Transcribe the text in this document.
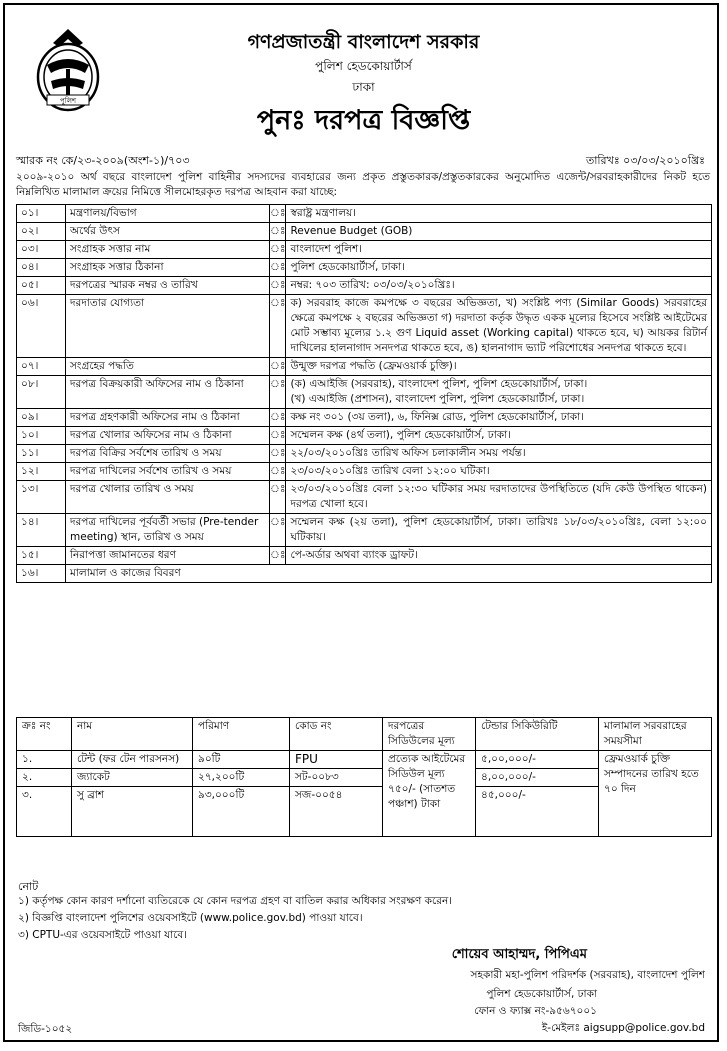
পুলিশ
গণপ্রজাতন্ত্রী বাংলাদেশ সরকার
পুলিশ হেডকোয়ার্টার্স
ঢাকা
পুনঃ দরপত্র বিজ্ঞপ্তি
স্মারক নং কে/২৩-২০০৯(অংশ-১)/৭০৩	তারিখঃ ০৩/০৩/২০১০খ্রিঃ
২০০৯-২০১০ অর্থ বছরে বাংলাদেশ পুলিশ বাহিনীর সদস্যদের ব্যবহারের জন্য প্রকৃত প্রস্তুতকারক/প্রস্তুতকারকের অনুমোদিত এজেন্ট/সরবরাহকারীদের নিকট হতে নিম্নলিখিত মালামাল ক্রয়ের নিমিত্তে সীলমোহরকৃত দরপত্র আহবান করা যাচ্ছে:
০১।	মন্ত্রণালয়/বিভাগ	ঃ	স্বরাষ্ট্র মন্ত্রণালয়।
০২।	অর্থের উৎস	ঃ	Revenue Budget (GOB)
০৩।	সংগ্রাহক সত্তার নাম	ঃ	বাংলাদেশ পুলিশ।
০৪।	সংগ্রাহক সত্তার ঠিকানা	ঃ	পুলিশ হেডকোয়ার্টার্স, ঢাকা।
০৫।	দরপত্রের স্মারক নম্বর ও তারিখ	ঃ	নম্বর: ৭০৩ তারিখ: ০৩/০৩/২০১০খ্রিঃ।
০৬।	দরদাতার যোগ্যতা	ঃ	ক) সরবরাহ কাজে কমপক্ষে ৩ বছরের অভিজ্ঞতা, খ) সংশ্লিষ্ট পণ্য (Similar Goods) সরবরাহের ক্ষেত্রে কমপক্ষে ২ বছরের অভিজ্ঞতা গ) দরদাতা কর্তৃক উদ্ধৃত একক মূল্যের হিসেবে সংশ্লিষ্ট আইটেমের মোট সম্ভাব্য মূল্যের ১.২ গুণ Liquid asset (Working capital) থাকতে হবে, ঘ) আয়কর রিটার্ন দাখিলের হালনাগাদ সনদপত্র থাকতে হবে, ঙ) হালনাগাদ ভ্যাট পরিশোধের সনদপত্র থাকতে হবে।
০৭।	সংগ্রহের পদ্ধতি	ঃ	উন্মুক্ত দরপত্র পদ্ধতি (ফ্রেমওয়ার্ক চুক্তি)।
০৮।	দরপত্র বিক্রয়কারী অফিসের নাম ও ঠিকানা	ঃ	(ক) এআইজি (সরবরাহ), বাংলাদেশ পুলিশ, পুলিশ হেডকোয়ার্টার্স, ঢাকা।
(খ) এআইজি (প্রশাসন), বাংলাদেশ পুলিশ, পুলিশ হেডকোয়ার্টার্স, ঢাকা।
০৯।	দরপত্র গ্রহণকারী অফিসের নাম ও ঠিকানা	ঃ	কক্ষ নং ৩০১ (৩য় তলা), ৬, ফিনিক্স রোড, পুলিশ হেডকোয়ার্টার্স, ঢাকা।
১০।	দরপত্র খোলার অফিসের নাম ও ঠিকানা	ঃ	সম্মেলন কক্ষ (৪র্থ তলা), পুলিশ হেডকোয়ার্টার্স, ঢাকা।
১১।	দরপত্র বিক্রির সর্বশেষ তারিখ ও সময়	ঃ	২২/০৩/২০১০খ্রিঃ তারিখ অফিস চলাকালীন সময় পর্যন্ত।
১২।	দরপত্র দাখিলের সর্বশেষ তারিখ ও সময়	ঃ	২৩/০৩/২০১০খ্রিঃ তারিখ বেলা ১২:০০ ঘটিকা।
১৩।	দরপত্র খোলার তারিখ ও সময়	ঃ	২৩/০৩/২০১০খ্রিঃ বেলা ১২:৩০ ঘটিকার সময় দরদাতাদের উপস্থিতিতে (যদি কেউ উপস্থিত থাকেন) দরপত্র খোলা হবে।
১৪।	দরপত্র দাখিলের পূর্ববর্তী সভার (Pre-tender meeting) স্থান, তারিখ ও সময়	ঃ	সম্মেলন কক্ষ (২য় তলা), পুলিশ হেডকোয়ার্টার্স, ঢাকা। তারিখঃ ১৮/০৩/২০১০খ্রিঃ, বেলা ১২:০০ ঘটিকায়।
১৫।	নিরাপত্তা জামানতের ধরণ	ঃ	পে-অর্ডার অথবা ব্যাংক ড্রাফট।
১৬।	মালামাল ও কাজের বিবরণ		
ক্রঃ নং	নাম	পরিমাণ	কোড নং	দরপত্রের সিডিউলের মূল্য	টেন্ডার সিকিউরিটি	মালামাল সরবরাহের সময়সীমা
১.	টেন্ট (ফর টেন পারসনস)	৯০টি	FPU	প্রত্যেক আইটেমের সিডিউল মূল্য ৭৫০/- (সাতশত পঞ্চাশ) টাকা	৫,০০,০০০/-	ফ্রেমওয়ার্ক চুক্তি সম্পাদনের তারিখ হতে ৭০ দিন
২.	জ্যাকেট	২৭,২০০টি	সট-০০৮৩		৪,০০,০০০/-	
৩.	সু ব্রাশ	৯৩,০০০টি	সজ-০০৫৪		৪৫,০০০/-	
নোট
১) কর্তৃপক্ষ কোন কারণ দর্শানো ব্যতিরেকে যে কোন দরপত্র গ্রহণ বা বাতিল করার অধিকার সংরক্ষণ করেন।
২) বিজ্ঞপ্তি বাংলাদেশ পুলিশের ওয়েবসাইটে (www.police.gov.bd) পাওয়া যাবে।
৩) CPTU-এর ওয়েবসাইটে পাওয়া যাবে।
শোয়েব আহাম্মদ, পিপিএম
সহকারী মহা-পুলিশ পরিদর্শক (সরবরাহ), বাংলাদেশ পুলিশ
পুলিশ হেডকোয়ার্টার্স, ঢাকা
ফোন ও ফ্যাক্স নং-৯৫৬৭০০১
ই-মেইলঃ aigsupp@police.gov.bd
জিডি-১০৫২
